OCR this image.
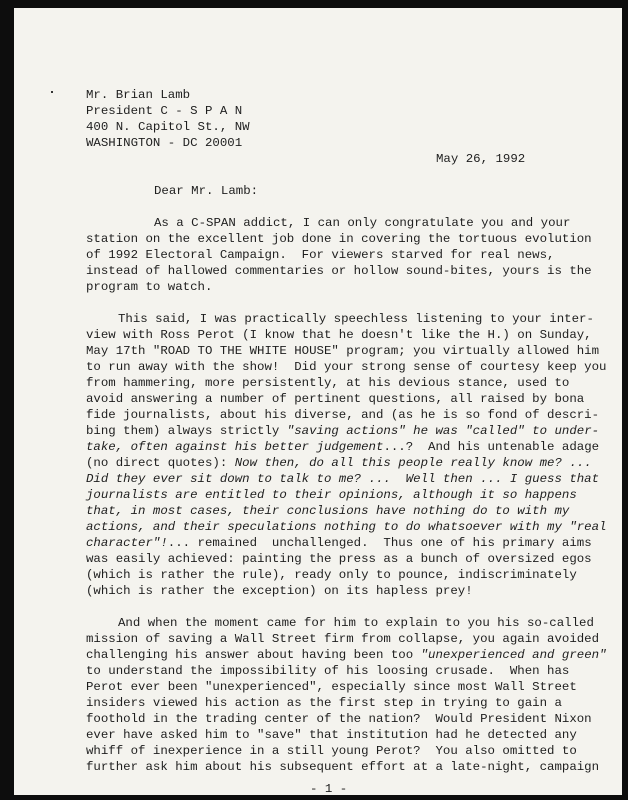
Mr. Brian Lamb
President C - S P A N
400 N. Capitol St., NW
WASHINGTON - DC 20001
May 26, 1992
Dear Mr. Lamb:
As a C-SPAN addict, I can only congratulate you and your
station on the excellent job done in covering the tortuous evolution
of 1992 Electoral Campaign.  For viewers starved for real news,
instead of hallowed commentaries or hollow sound-bites, yours is the
program to watch.
This said, I was practically speechless listening to your inter-
view with Ross Perot (I know that he doesn't like the H.) on Sunday,
May 17th "ROAD TO THE WHITE HOUSE" program; you virtually allowed him
to run away with the show!  Did your strong sense of courtesy keep you
from hammering, more persistently, at his devious stance, used to
avoid answering a number of pertinent questions, all raised by bona
fide journalists, about his diverse, and (as he is so fond of descri-
bing them) always strictly "saving actions" he was "called" to under-
take, often against his better judgement...?  And his untenable adage
(no direct quotes): Now then, do all this people really know me? ...
Did they ever sit down to talk to me? ...  Well then ... I guess that
journalists are entitled to their opinions, although it so happens
that, in most cases, their conclusions have nothing do to with my
actions, and their speculations nothing to do whatsoever with my "real
character"!... remained  unchallenged.  Thus one of his primary aims
was easily achieved: painting the press as a bunch of oversized egos
(which is rather the rule), ready only to pounce, indiscriminately
(which is rather the exception) on its hapless prey!
And when the moment came for him to explain to you his so-called
mission of saving a Wall Street firm from collapse, you again avoided
challenging his answer about having been too "unexperienced and green"
to understand the impossibility of his loosing crusade.  When has
Perot ever been "unexperienced", especially since most Wall Street
insiders viewed his action as the first step in trying to gain a
foothold in the trading center of the nation?  Would President Nixon
ever have asked him to "save" that institution had he detected any
whiff of inexperience in a still young Perot?  You also omitted to
further ask him about his subsequent effort at a late-night, campaign
- 1 -
